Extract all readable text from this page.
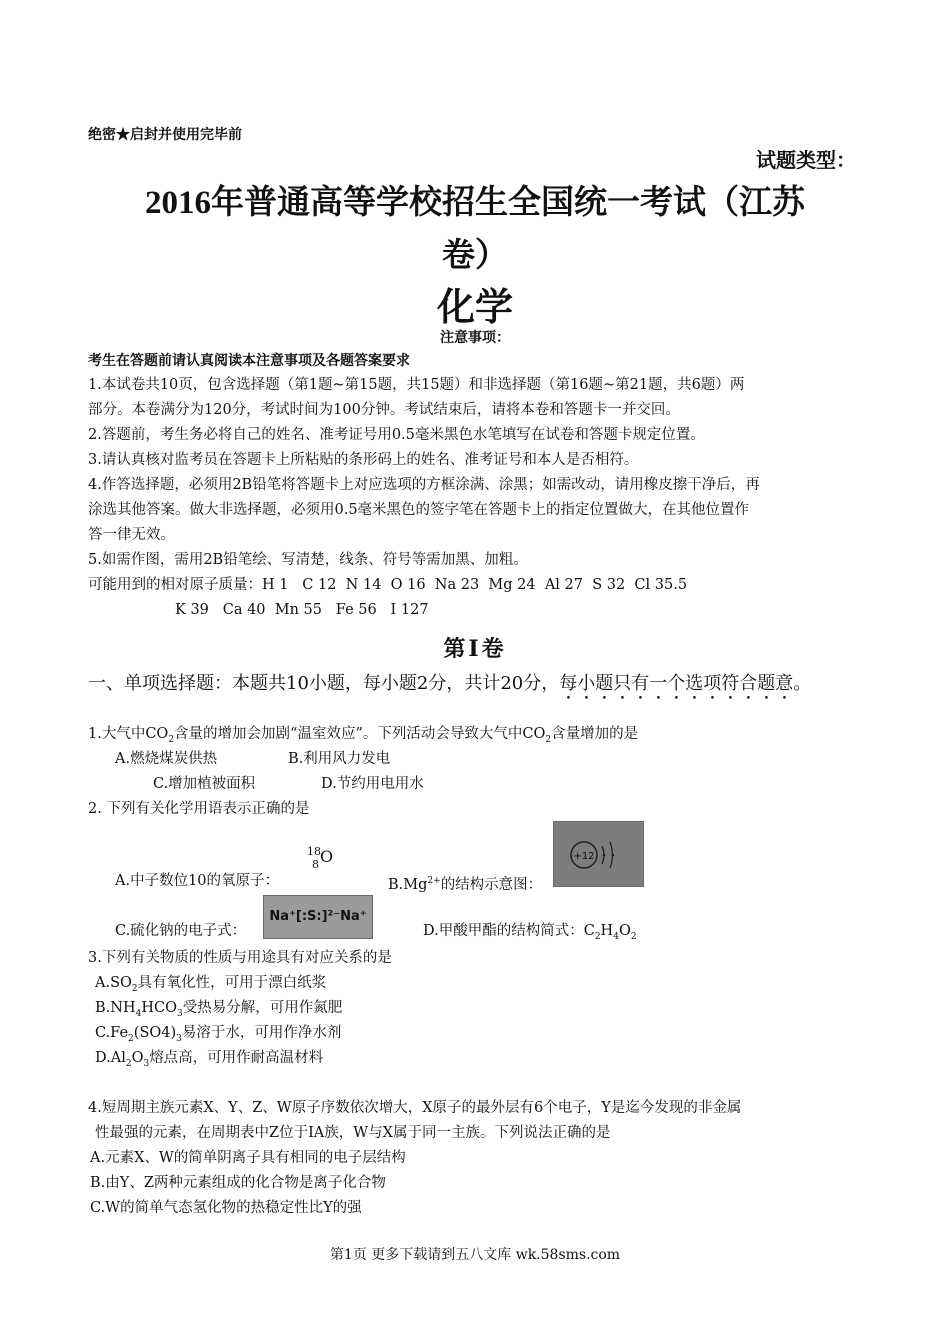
绝密★启封并使用完毕前
试题类型：
2016年普通高等学校招生全国统一考试（江苏
卷）
化学
注意事项：
考生在答题前请认真阅读本注意事项及各题答案要求
1.本试卷共10页，包含选择题（第1题~第15题，共15题）和非选择题（第16题~第21题，共6题）两
部分。本卷满分为120分，考试时间为100分钟。考试结束后，请将本卷和答题卡一并交回。
2.答题前，考生务必将自己的姓名、准考证号用0.5毫米黑色水笔填写在试卷和答题卡规定位置。
3.请认真核对监考员在答题卡上所粘贴的条形码上的姓名、准考证号和本人是否相符。
4.作答选择题，必须用2B铅笔将答题卡上对应选项的方框涂满、涂黑；如需改动，请用橡皮擦干净后，再
涂选其他答案。做大非选择题，必须用0.5毫米黑色的签字笔在答题卡上的指定位置做大，在其他位置作
答一律无效。
5.如需作图，需用2B铅笔绘、写清楚，线条、符号等需加黑、加粗。
可能用到的相对原子质量：H 1   C 12  N 14  O 16  Na 23  Mg 24  Al 27  S 32  Cl 35.5
K 39   Ca 40  Mn 55   Fe 56   I 127
第Ⅰ卷
一、单项选择题：本题共10小题，每小题2分，共计20分，每小题只有一个选项符合题意。
1.大气中$CO_2$含量的增加会加剧“温室效应”。下列活动会导致大气中$CO_2$含量增加的是
A.燃烧煤炭供热	B.利用风力发电
C.增加植被面积	D.节约用电用水
2. 下列有关化学用语表示正确的是
18
8 O
A.中子数位10的氧原子：	$B.Mg^{2+}$的结构示意图：
+12
C.硫化钠的电子式：
Na⁺[:S:]²⁻Na⁺
D.甲酸甲酯的结构简式：$C_2H_4O_2$
3.下列有关物质的性质与用途具有对应关系的是
$A.SO_2$具有氧化性，可用于漂白纸浆
$B.NH_4HCO_3$受热易分解，可用作氮肥
$C.Fe_2(SO4)_3$易溶于水，可用作净水剂
$D.Al_2O_3$熔点高，可用作耐高温材料
4.短周期主族元素X、Y、Z、W原子序数依次增大，X原子的最外层有6个电子，Y是迄今发现的非金属
性最强的元素，在周期表中Z位于IA族，W与X属于同一主族。下列说法正确的是
A.元素X、W的简单阴离子具有相同的电子层结构
B.由Y、Z两种元素组成的化合物是离子化合物
C.W的简单气态氢化物的热稳定性比Y的强
第1页 更多下载请到五八文库 wk.58sms.com
